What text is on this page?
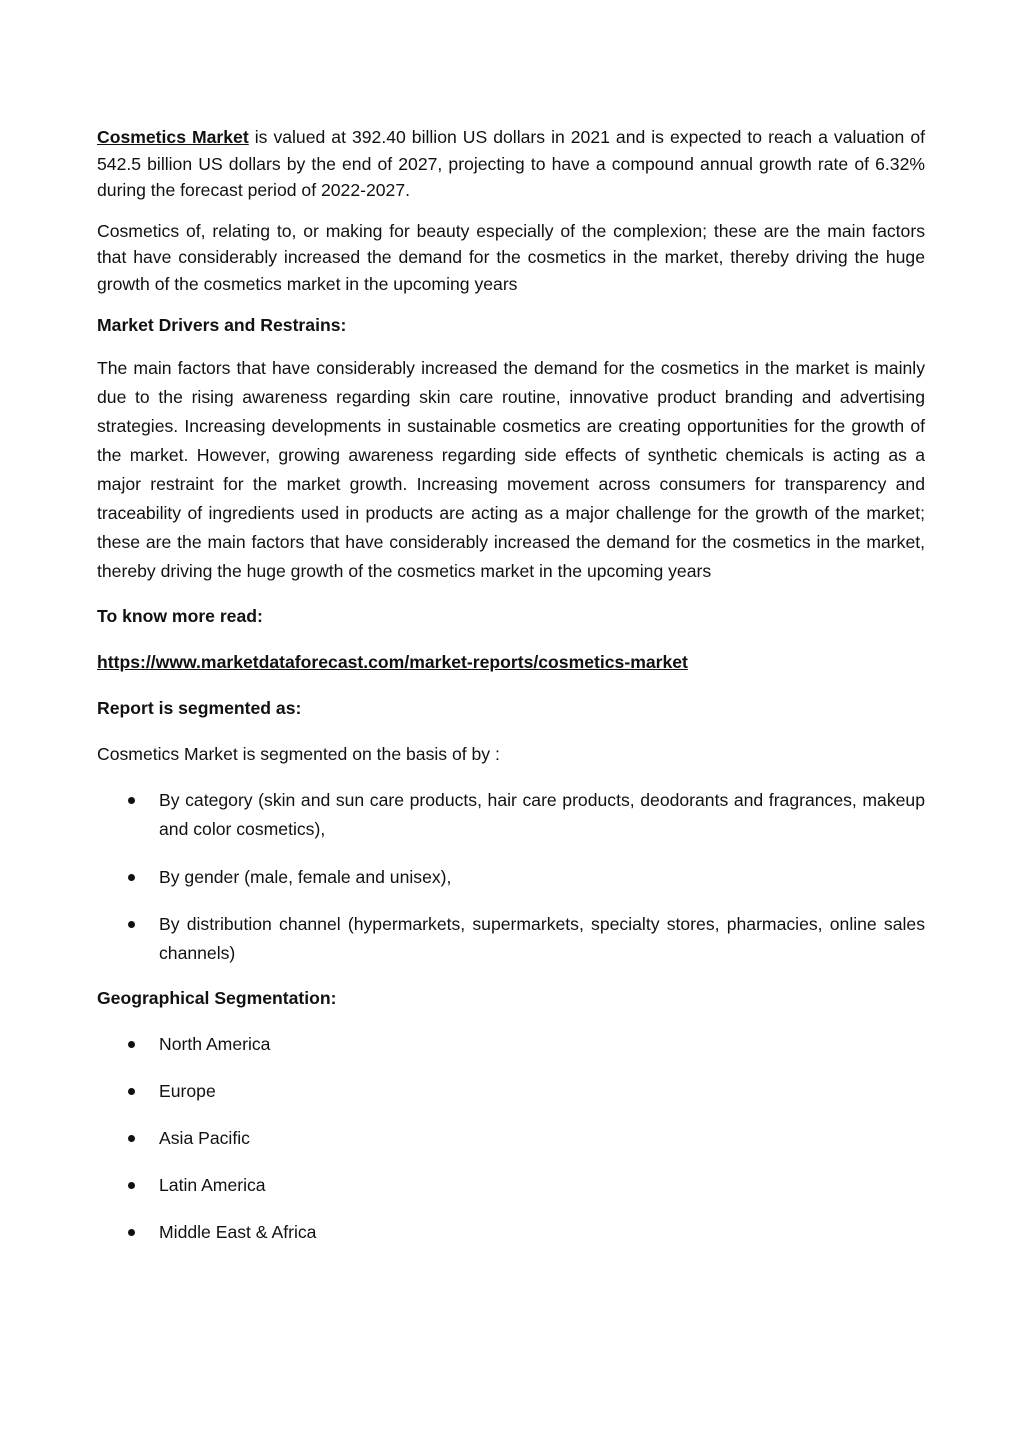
Cosmetics Market is valued at 392.40 billion US dollars in 2021 and is expected to reach a valuation of 542.5 billion US dollars by the end of 2027, projecting to have a compound annual growth rate of 6.32% during the forecast period of 2022-2027.

Cosmetics of, relating to, or making for beauty especially of the complexion; these are the main factors that have considerably increased the demand for the cosmetics in the market, thereby driving the huge growth of the cosmetics market in the upcoming years

Market Drivers and Restrains:

The main factors that have considerably increased the demand for the cosmetics in the market is mainly due to the rising awareness regarding skin care routine, innovative product branding and advertising strategies. Increasing developments in sustainable cosmetics are creating opportunities for the growth of the market. However, growing awareness regarding side effects of synthetic chemicals is acting as a major restraint for the market growth. Increasing movement across consumers for transparency and traceability of ingredients used in products are acting as a major challenge for the growth of the market; these are the main factors that have considerably increased the demand for the cosmetics in the market, thereby driving the huge growth of the cosmetics market in the upcoming years

To know more read:

https://www.marketdataforecast.com/market-reports/cosmetics-market

Report is segmented as:

Cosmetics Market is segmented on the basis of by :

By category (skin and sun care products, hair care products, deodorants and fragrances, makeup and color cosmetics),
By gender (male, female and unisex),
By distribution channel (hypermarkets, supermarkets, specialty stores, pharmacies, online sales channels)

Geographical Segmentation:

North America
Europe
Asia Pacific
Latin America
Middle East & Africa
